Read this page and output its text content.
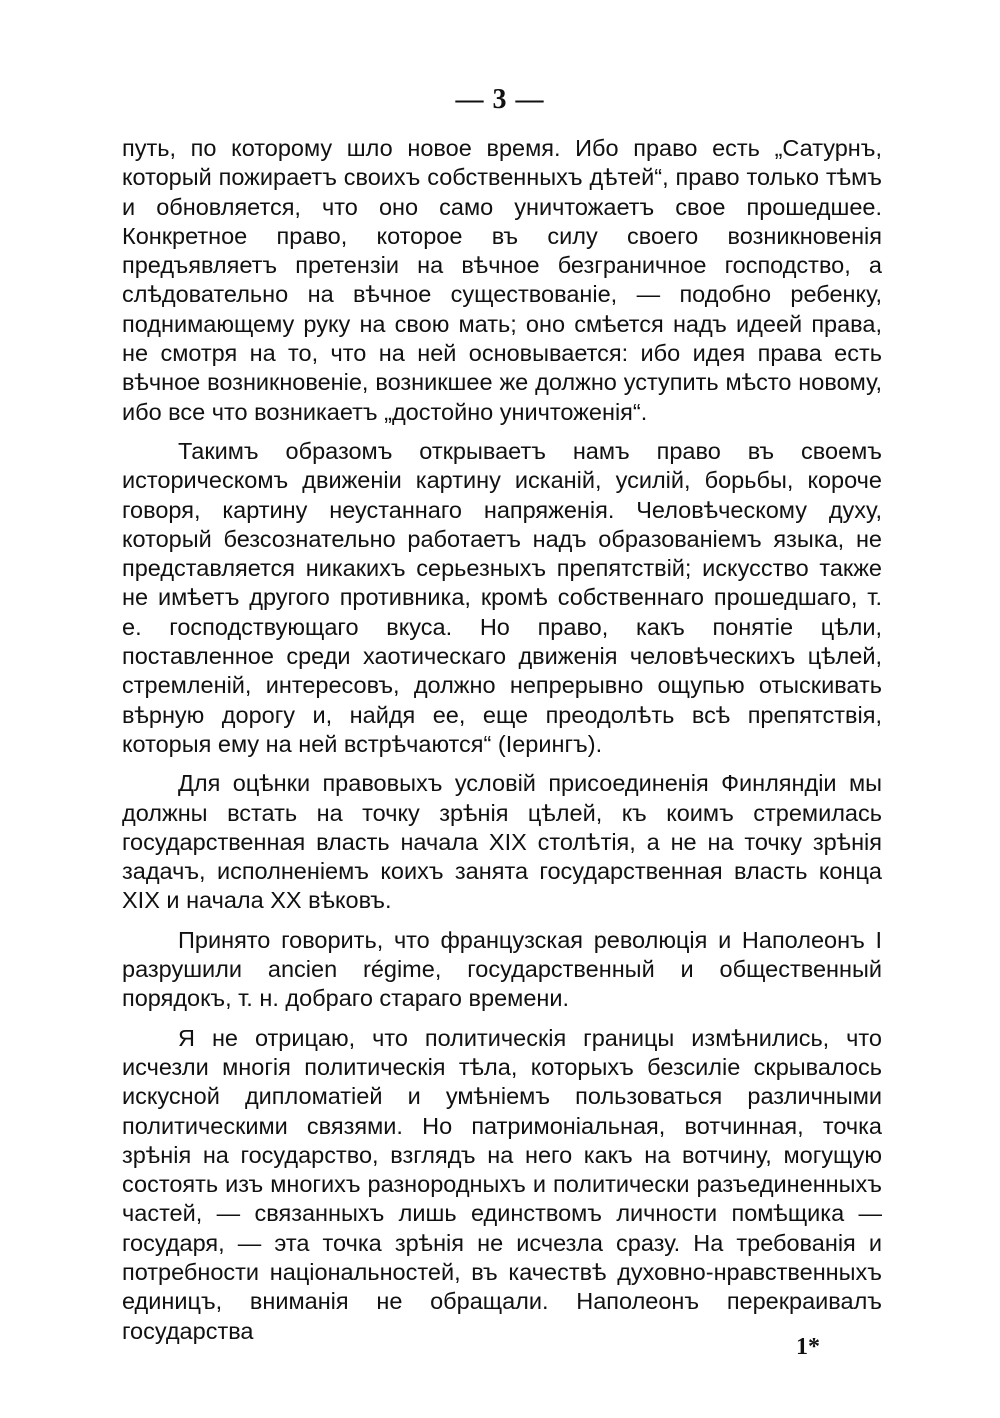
— 3 —

путь, по которому шло новое время. Ибо право есть „Сатурнъ, который пожираетъ своихъ собственныхъ дѣтей“, право только тѣмъ и обновляется, что оно само уничтожаетъ свое прошедшее. Конкретное право, которое въ силу своего возникновенія предъявляетъ претензіи на вѣчное безграничное господство, а слѣдовательно на вѣчное существованіе, — подобно ребенку, поднимающему руку на свою мать; оно смѣется надъ идеей права, не смотря на то, что на ней основывается: ибо идея права есть вѣчное возникновеніе, возникшее же должно уступить мѣсто новому, ибо все что возникаетъ „достойно уничтоженія“.

Такимъ образомъ открываетъ намъ право въ своемъ историческомъ движеніи картину исканій, усилій, борьбы, короче говоря, картину неустаннаго напряженія. Человѣческому духу, который безсознательно работаетъ надъ образованіемъ языка, не представляется никакихъ серьезныхъ препятствій; искусство также не имѣетъ другого противника, кромѣ собственнаго прошедшаго, т. е. господствующаго вкуса. Но право, какъ понятіе цѣли, поставленное среди хаотическаго движенія человѣческихъ цѣлей, стремленій, интересовъ, должно непрерывно ощупью отыскивать вѣрную дорогу и, найдя ее, еще преодолѣть всѣ препятствія, которыя ему на ней встрѣчаются“ (Іерингъ).

Для оцѣнки правовыхъ условій присоединенія Финляндіи мы должны встать на точку зрѣнія цѣлей, къ коимъ стремилась государственная власть начала XIX столѣтія, а не на точку зрѣнія задачъ, исполненіемъ коихъ занята государственная власть конца XIX и начала XX вѣковъ.

Принято говорить, что французская революція и Наполеонъ I разрушили ancien régime, государственный и общественный порядокъ, т. н. добраго стараго времени.

Я не отрицаю, что политическія границы измѣнились, что исчезли многія политическія тѣла, которыхъ безсиліе скрывалось искусной дипломатіей и умѣніемъ пользоваться различными политическими связями. Но патримоніальная, вотчинная, точка зрѣнія на государство, взглядъ на него какъ на вотчину, могущую состоять изъ многихъ разнородныхъ и политически разъединенныхъ частей, — связанныхъ лишь единствомъ личности помѣщика — государя, — эта точка зрѣнія не исчезла сразу. На требованія и потребности національностей, въ качествѣ духовно-нравственныхъ единицъ, вниманія не обращали. Наполеонъ перекраивалъ государства

1*
